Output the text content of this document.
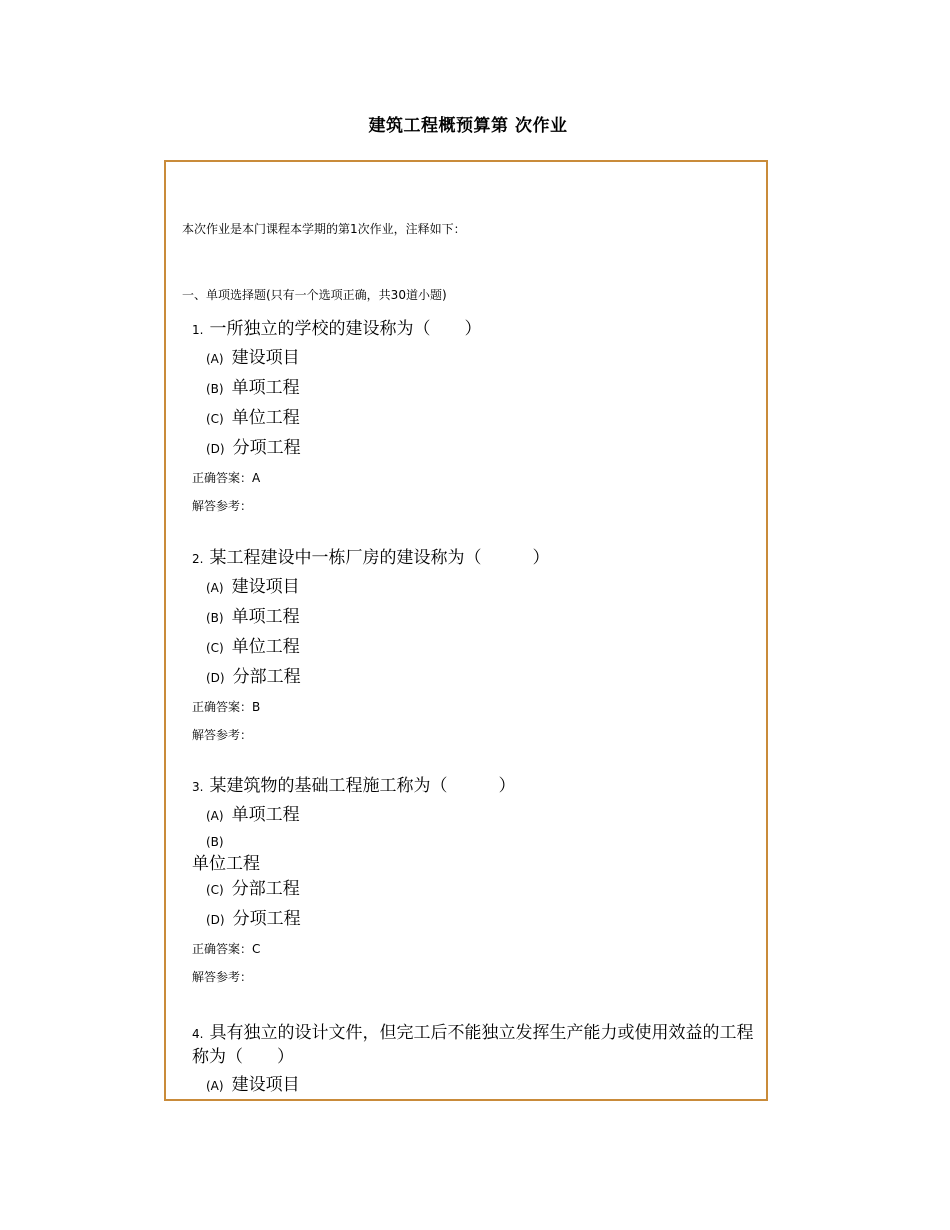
建筑工程概预算第 次作业
本次作业是本门课程本学期的第1次作业，注释如下：
一、单项选择题(只有一个选项正确，共30道小题)

1. 一所独立的学校的建设称为（　　）

(A) 建设项目
(B) 单项工程
(C) 单位工程
(D) 分项工程
正确答案：A
解答参考：

2. 某工程建设中一栋厂房的建设称为（　　　）

(A) 建设项目
(B) 单项工程
(C) 单位工程
(D) 分部工程
正确答案：B
解答参考：

3. 某建筑物的基础工程施工称为（　　　）

(A) 单项工程
(B)
单位工程
(C) 分部工程
(D) 分项工程
正确答案：C
解答参考：

4. 具有独立的设计文件，但完工后不能独立发挥生产能力或使用效益的工程称为（　　）

(A) 建设项目
